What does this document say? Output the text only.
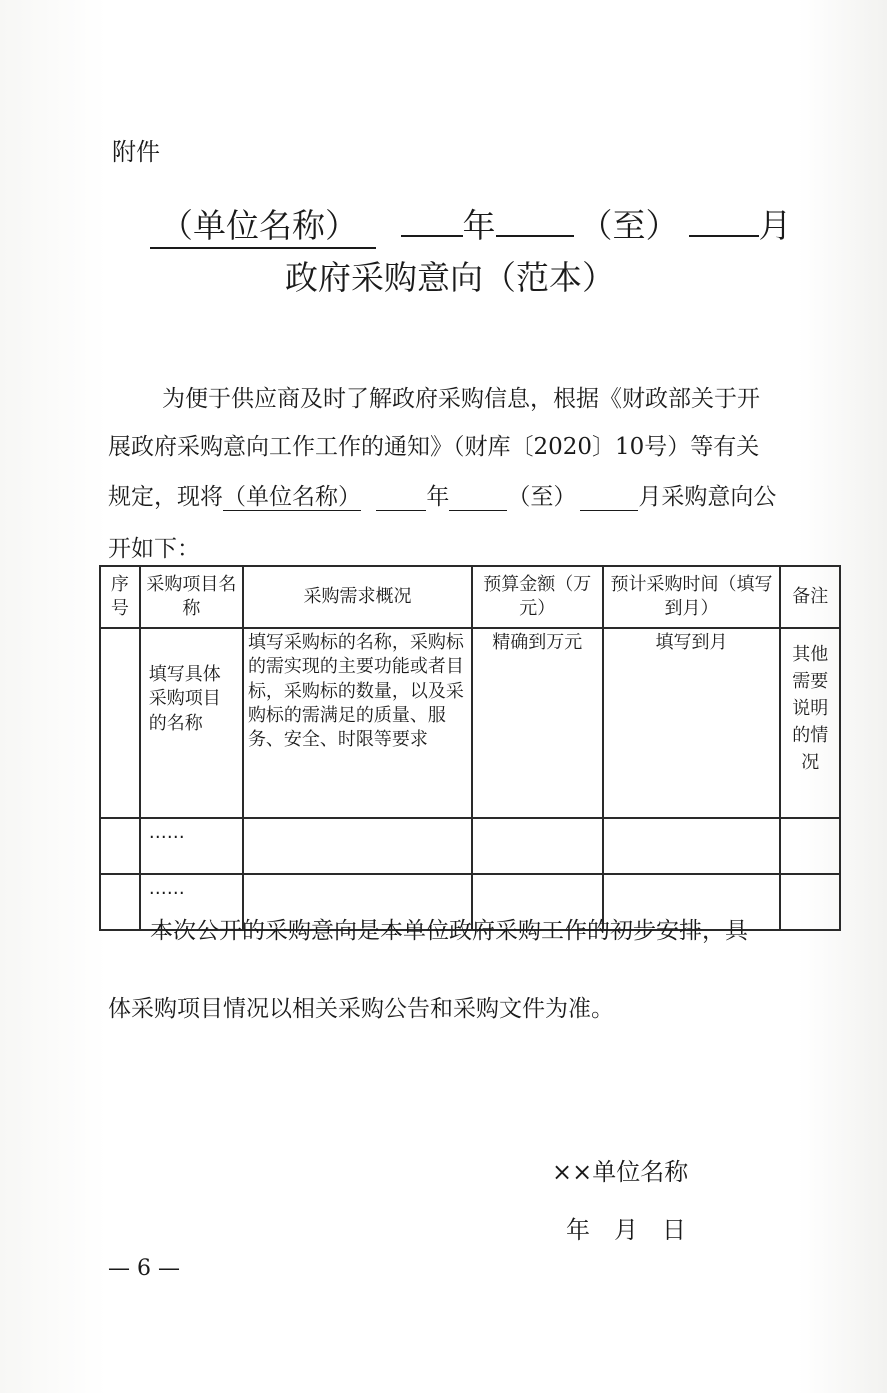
附件
（单位名称）	年	（至） 月
政府采购意向（范本）
为便于供应商及时了解政府采购信息，根据《财政部关于开
展政府采购意向工作工作的通知》（财库〔2020〕10号）等有关
规定，现将（单位名称）	年	（至）	月采购意向公
开如下：
序号	采购项目名称	采购需求概况	预算金额（万元）	预计采购时间（填写到月）	备注
	填写具体采购项目的名称	填写采购标的名称，采购标的需实现的主要功能或者目标，采购标的数量，以及采购标的需满足的质量、服务、安全、时限等要求	精确到万元	填写到月	其他需要说明的情况
	……				
	……				
本次公开的采购意向是本单位政府采购工作的初步安排，具
体采购项目情况以相关采购公告和采购文件为准。
××单位名称
年　月　日
— 6 —
